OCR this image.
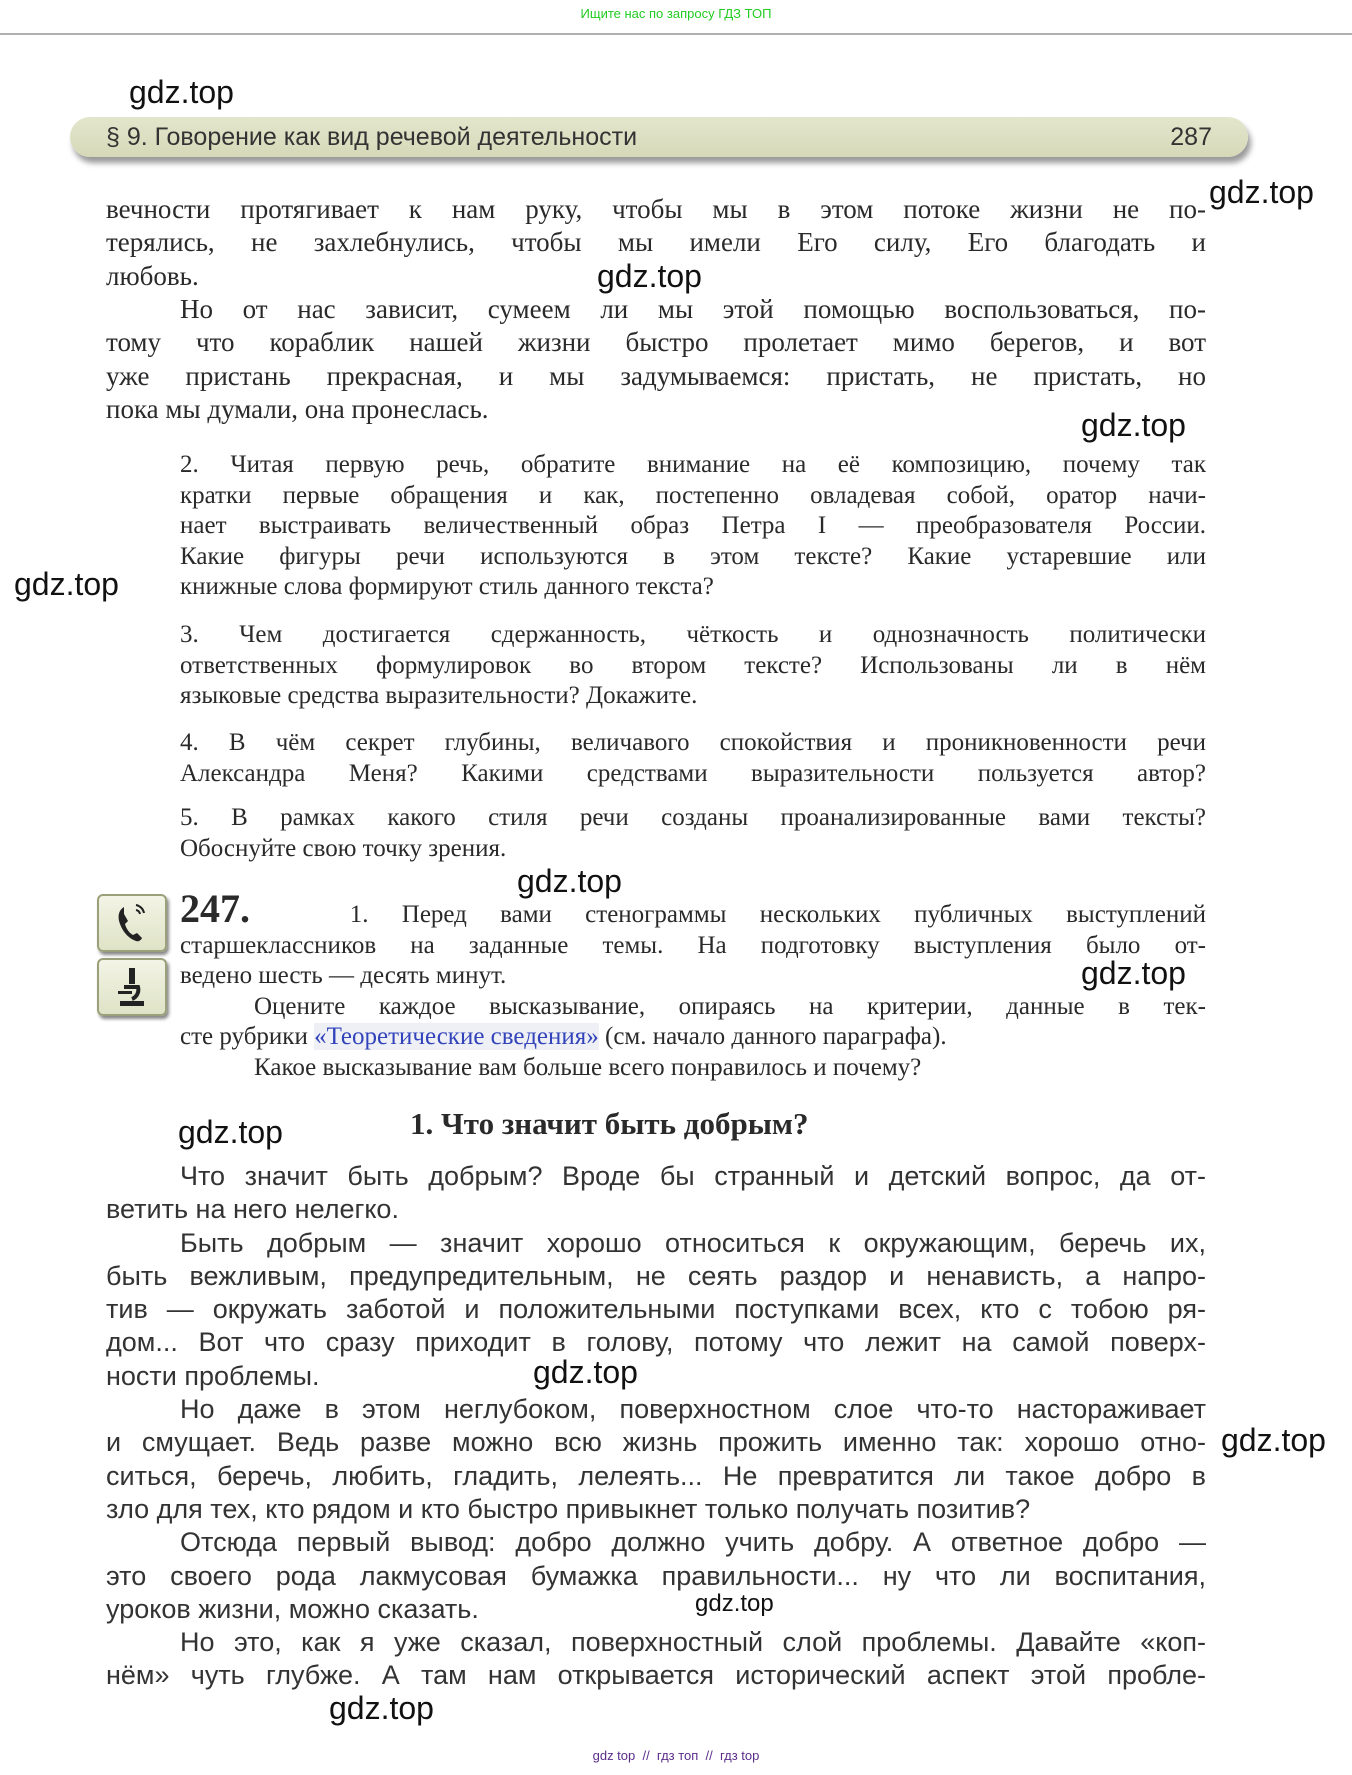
Ищите нас по запросу ГДЗ ТОП
§ 9. Говорение как вид речевой деятельности	287
вечности протягивает к нам руку, чтобы мы в этом потоке жизни не по-
терялись, не захлебнулись, чтобы мы имели Его силу, Его благодать и
любовь.
Но от нас зависит, сумеем ли мы этой помощью воспользоваться, по-
тому что кораблик нашей жизни быстро пролетает мимо берегов, и вот
уже пристань прекрасная, и мы задумываемся: пристать, не пристать, но
пока мы думали, она пронеслась.
2. Читая первую речь, обратите внимание на её композицию, почему так
кратки первые обращения и как, постепенно овладевая собой, оратор начи-
нает выстраивать величественный образ Петра I — преобразователя России.
Какие фигуры речи используются в этом тексте? Какие устаревшие или
книжные слова формируют стиль данного текста?
3. Чем достигается сдержанность, чёткость и однозначность политически
ответственных формулировок во втором тексте? Использованы ли в нём
языковые средства выразительности? Докажите.
4. В чём секрет глубины, величавого спокойствия и проникновенности речи
Александра Меня? Какими средствами выразительности пользуется автор?
5. В рамках какого стиля речи созданы проанализированные вами тексты?
Обоснуйте свою точку зрения.
247.	1. Перед вами стенограммы нескольких публичных выступлений
старшеклассников на заданные темы. На подготовку выступления было от-
ведено шесть — десять минут.
Оцените каждое высказывание, опираясь на критерии, данные в тек-
сте рубрики «Теоретические сведения» (см. начало данного параграфа).
Какое высказывание вам больше всего понравилось и почему?
1. Что значит быть добрым?
Что значит быть добрым? Вроде бы странный и детский вопрос, да от-
ветить на него нелегко.
Быть добрым — значит хорошо относиться к окружающим, беречь их,
быть вежливым, предупредительным, не сеять раздор и ненависть, а напро-
тив — окружать заботой и положительными поступками всех, кто с тобою ря-
дом... Вот что сразу приходит в голову, потому что лежит на самой поверх-
ности проблемы.
Но даже в этом неглубоком, поверхностном слое что-то настораживает
и смущает. Ведь разве можно всю жизнь прожить именно так: хорошо отно-
ситься, беречь, любить, гладить, лелеять... Не превратится ли такое добро в
зло для тех, кто рядом и кто быстро привыкнет только получать позитив?
Отсюда первый вывод: добро должно учить добру. А ответное добро —
это своего рода лакмусовая бумажка правильности... ну что ли воспитания,
уроков жизни, можно сказать.
Но это, как я уже сказал, поверхностный слой проблемы. Давайте «коп-
нём» чуть глубже. А там нам открывается исторический аспект этой пробле-
gdz.top
gdz.top
gdz.top
gdz.top
gdz.top
gdz.top
gdz.top
gdz.top
gdz.top
gdz.top
gdz.top
gdz.top
gdz top  //  гдз топ  //  гдз top
